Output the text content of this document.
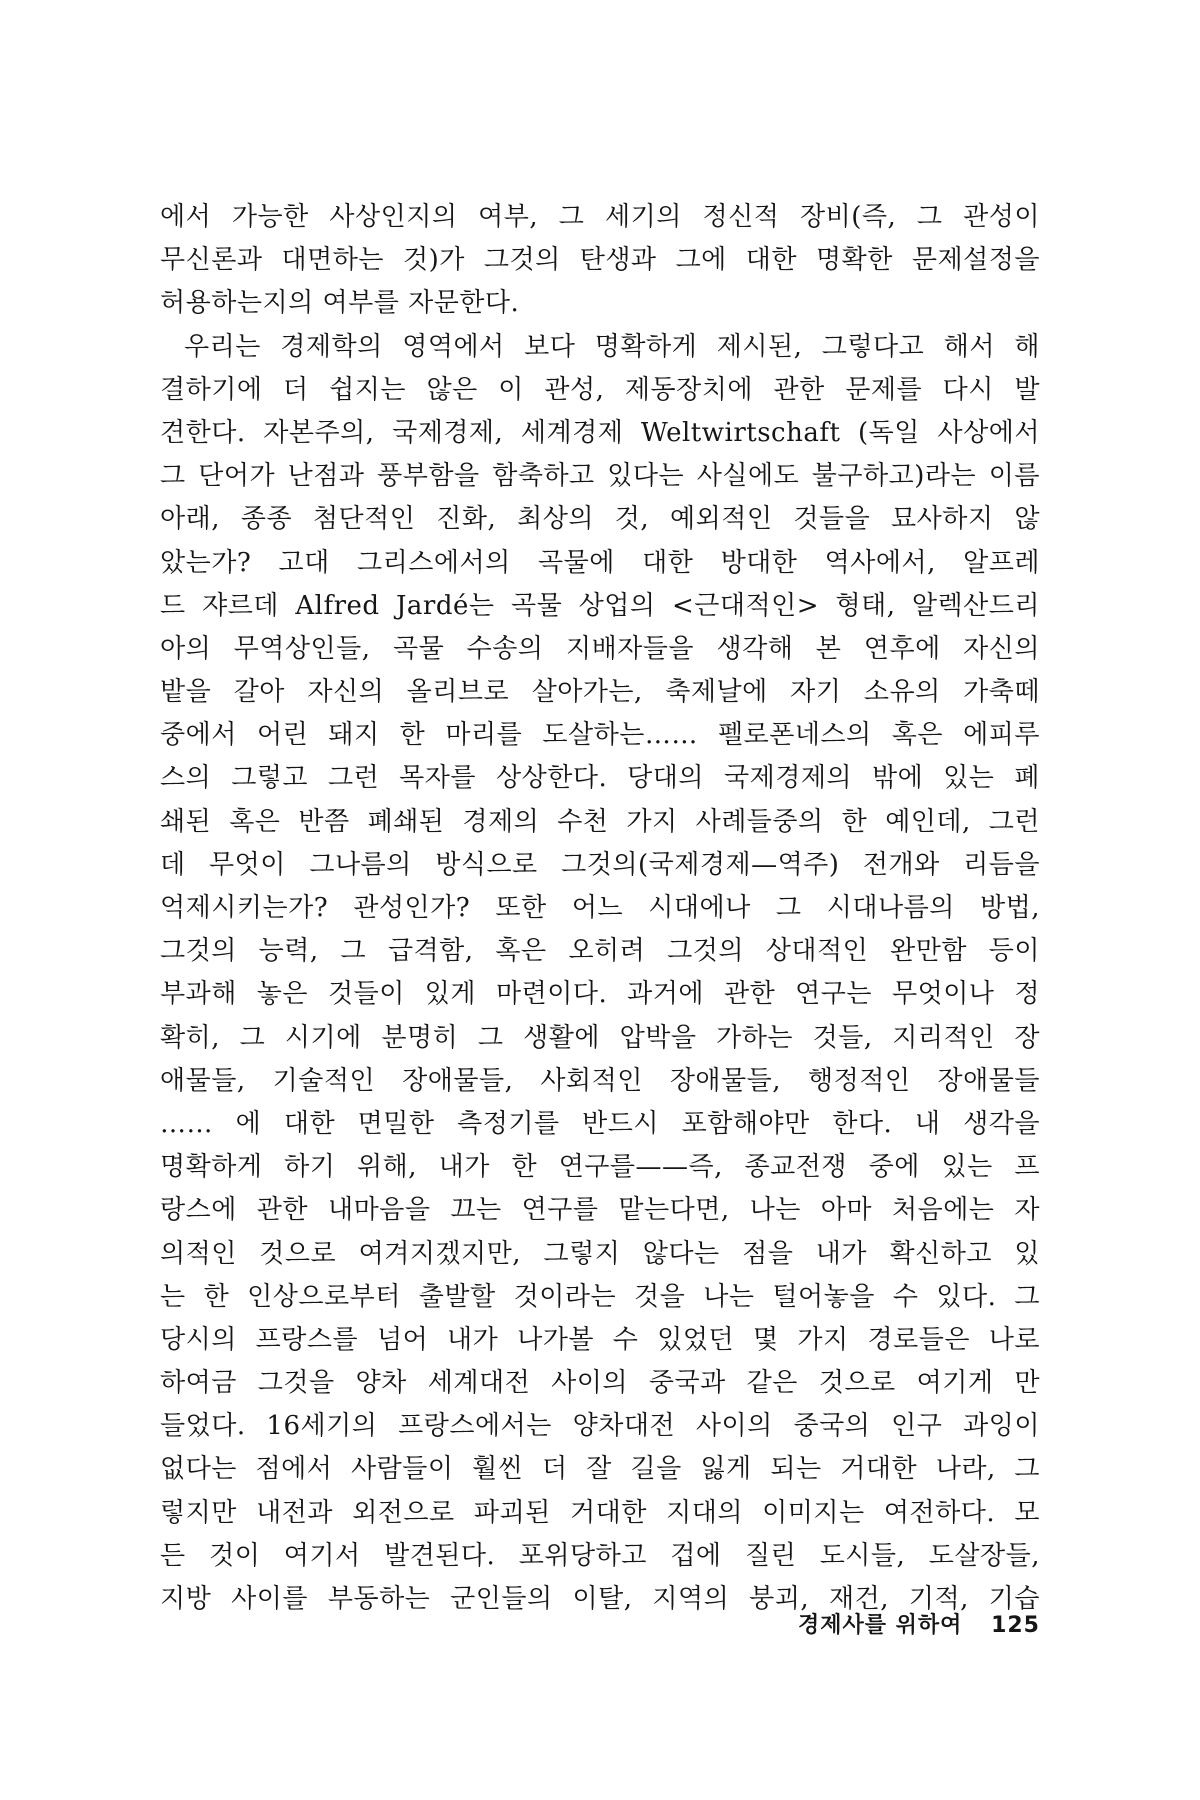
에서 가능한 사상인지의 여부, 그 세기의 정신적 장비(즉, 그 관성이
무신론과 대면하는 것)가 그것의 탄생과 그에 대한 명확한 문제설정을
허용하는지의 여부를 자문한다.
우리는 경제학의 영역에서 보다 명확하게 제시된, 그렇다고 해서 해
결하기에 더 쉽지는 않은 이 관성, 제동장치에 관한 문제를 다시 발
견한다. 자본주의, 국제경제, 세계경제 Weltwirtschaft (독일 사상에서
그 단어가 난점과 풍부함을 함축하고 있다는 사실에도 불구하고)라는 이름
아래, 종종 첨단적인 진화, 최상의 것, 예외적인 것들을 묘사하지 않
았는가? 고대 그리스에서의 곡물에 대한 방대한 역사에서, 알프레
드 쟈르데 Alfred Jardé는 곡물 상업의 <근대적인> 형태, 알렉산드리
아의 무역상인들, 곡물 수송의 지배자들을 생각해 본 연후에 자신의
밭을 갈아 자신의 올리브로 살아가는, 축제날에 자기 소유의 가축떼
중에서 어린 돼지 한 마리를 도살하는…… 펠로폰네스의 혹은 에피루
스의 그렇고 그런 목자를 상상한다. 당대의 국제경제의 밖에 있는 폐
쇄된 혹은 반쯤 폐쇄된 경제의 수천 가지 사례들중의 한 예인데, 그런
데 무엇이 그나름의 방식으로 그것의(국제경제—역주) 전개와 리듬을
억제시키는가? 관성인가? 또한 어느 시대에나 그 시대나름의 방법,
그것의 능력, 그 급격함, 혹은 오히려 그것의 상대적인 완만함 등이
부과해 놓은 것들이 있게 마련이다. 과거에 관한 연구는 무엇이나 정
확히, 그 시기에 분명히 그 생활에 압박을 가하는 것들, 지리적인 장
애물들, 기술적인 장애물들, 사회적인 장애물들, 행정적인 장애물들
…… 에 대한 면밀한 측정기를 반드시 포함해야만 한다. 내 생각을
명확하게 하기 위해, 내가 한 연구를——즉, 종교전쟁 중에 있는 프
랑스에 관한 내마음을 끄는 연구를 맡는다면, 나는 아마 처음에는 자
의적인 것으로 여겨지겠지만, 그렇지 않다는 점을 내가 확신하고 있
는 한 인상으로부터 출발할 것이라는 것을 나는 털어놓을 수 있다. 그
당시의 프랑스를 넘어 내가 나가볼 수 있었던 몇 가지 경로들은 나로
하여금 그것을 양차 세계대전 사이의 중국과 같은 것으로 여기게 만
들었다. 16세기의 프랑스에서는 양차대전 사이의 중국의 인구 과잉이
없다는 점에서 사람들이 훨씬 더 잘 길을 잃게 되는 거대한 나라, 그
렇지만 내전과 외전으로 파괴된 거대한 지대의 이미지는 여전하다. 모
든 것이 여기서 발견된다. 포위당하고 겁에 질린 도시들, 도살장들,
지방 사이를 부동하는 군인들의 이탈, 지역의 붕괴, 재건, 기적, 기습
경제사를 위하여 125
